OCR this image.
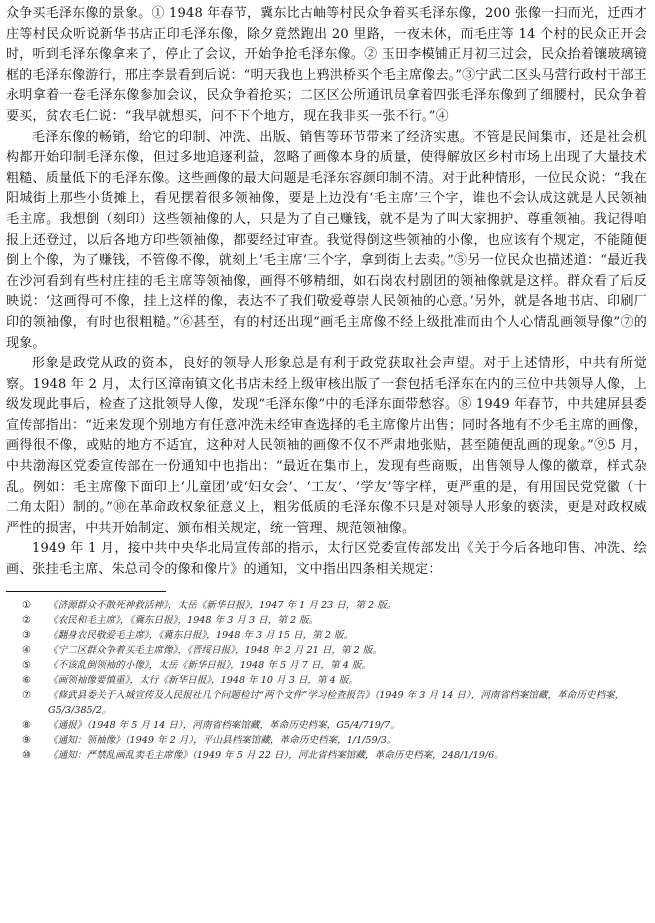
众争买毛泽东像的景象。① 1948 年春节，冀东比古岫等村民众争着买毛泽东像，200 张像一扫而光，迁西才庄等村民众听说新华书店正印毛泽东像，除夕竟然跑出 20 里路，一夜未休，而毛庄等 14 个村的民众正开会时，听到毛泽东像拿来了，停止了会议，开始争抢毛泽东像。② 玉田李模铺正月初三过会，民众抬着镶玻璃镜框的毛泽东像游行，邢庄李景看到后说：“明天我也上鸦洪桥买个毛主席像去。”③宁武二区头马营行政村干部王永明拿着一卷毛泽东像参加会议，民众争着抢买；二区区公所通讯员拿着四张毛泽东像到了细腰村，民众争着要买，贫农毛仁说：“我早就想买，问不下个地方，现在我非买一张不行。”④

毛泽东像的畅销，给它的印制、冲洗、出版、销售等环节带来了经济实惠。不管是民间集市，还是社会机构都开始印制毛泽东像，但过多地追逐利益，忽略了画像本身的质量，使得解放区乡村市场上出现了大量技术粗糙、质量低下的毛泽东像。这些画像的最大问题是毛泽东容颜印制不清。对于此种情形，一位民众说：“我在阳城街上那些小货摊上，看见摆着很多领袖像，要是上边没有‘毛主席’三个字，谁也不会认成这就是人民领袖毛主席。我想倒（刻印）这些领袖像的人，只是为了自己赚钱，就不是为了叫大家拥护、尊重领袖。我记得咱报上还登过，以后各地方印些领袖像，都要经过审查。我觉得倒这些领袖的小像，也应该有个规定，不能随便倒上个像，为了赚钱，不管像不像，就刻上‘毛主席’三个字，拿到街上去卖。”⑤另一位民众也描述道：“最近我在沙河看到有些村庄挂的毛主席等领袖像，画得不够精细，如石岗农村剧团的领袖像就是这样。群众看了后反映说：‘这画得可不像，挂上这样的像，表达不了我们敬爱尊崇人民领袖的心意。’另外，就是各地书店、印刷厂印的领袖像，有时也很粗糙。”⑥甚至，有的村还出现“画毛主席像不经上级批准而由个人心情乱画领导像”⑦的现象。

形象是政党从政的资本，良好的领导人形象总是有利于政党获取社会声望。对于上述情形，中共有所觉察。1948 年 2 月，太行区漳南镇文化书店未经上级审核出版了一套包括毛泽东在内的三位中共领导人像，上级发现此事后，检查了这批领导人像，发现“毛泽东像”中的毛泽东面带愁容。⑧ 1949 年春节，中共建屏县委宣传部指出：“近来发现个别地方有任意冲洗未经审查选择的毛主席像片出售；同时各地有不少毛主席的画像，画得很不像，或贴的地方不适宜，这种对人民领袖的画像不仅不严肃地张贴，甚至随便乱画的现象。”⑨5 月，中共渤海区党委宣传部在一份通知中也指出：“最近在集市上，发现有些商贩，出售领导人像的徽章，样式杂乱。例如：毛主席像下面印上‘儿童团’或‘妇女会’、‘工友’、‘学友’等字样，更严重的是，有用国民党党徽（十二角太阳）制的。”⑩在革命政权象征意义上，粗劣低质的毛泽东像不只是对领导人形象的亵渎，更是对政权威严性的损害，中共开始制定、颁布相关规定，统一管理、规范领袖像。

1949 年 1 月，接中共中央华北局宣传部的指示，太行区党委宣传部发出《关于今后各地印售、冲洗、绘画、张挂毛主席、朱总司令的像和像片》的通知，文中指出四条相关规定：

① 《济源群众不散死神救活神》，太岳《新华日报》，1947 年 1 月 23 日，第 2 版。
② 《农民和毛主席》，《冀东日报》，1948 年 3 月 3 日，第 2 版。
③ 《翻身农民敬爱毛主席》，《冀东日报》，1948 年 3 月 15 日，第 2 版。
④ 《宁二区群众争着买毛主席像》，《晋绥日报》，1948 年 2 月 21 日，第 2 版。
⑤ 《不该乱倒领袖的小像》，太岳《新华日报》，1948 年 5 月 7 日，第 4 版。
⑥ 《画领袖像要慎重》，太行《新华日报》，1948 年 10 月 3 日，第 4 版。
⑦ 《修武县委关于入城宣传及人民报社几个问题检讨“两个文件”学习检查报告》（1949 年 3 月 14 日），河南省档案馆藏，革命历史档案，G5/3/385/2。
⑧ 《通报》（1948 年 5 月 14 日），河南省档案馆藏，革命历史档案，G5/4/719/7。
⑨ 《通知：领袖像》（1949 年 2 月），平山县档案馆藏，革命历史档案，1/1/59/3。
⑩ 《通知：严禁乱画乱卖毛主席像》（1949 年 5 月 22 日），河北省档案馆藏，革命历史档案，248/1/19/6。
